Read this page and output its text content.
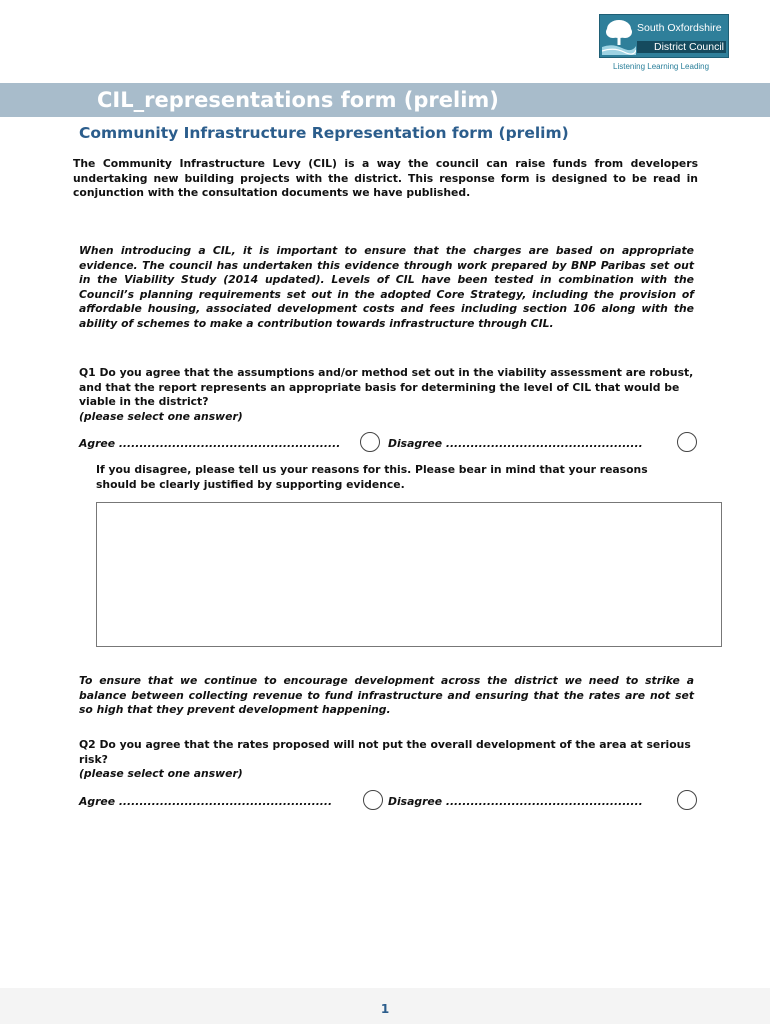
South Oxfordshire
District Council
Listening Learning Leading
CIL_representations form (prelim)
Community Infrastructure Representation form (prelim)
The Community Infrastructure Levy (CIL) is a way the council can raise funds from developers undertaking new building projects with the district. This response form is designed to be read in conjunction with the consultation documents we have published.
When introducing a CIL, it is important to ensure that the charges are based on appropriate evidence. The council has undertaken this evidence through work prepared by BNP Paribas set out in the Viability Study (2014 updated). Levels of CIL have been tested in combination with the Council’s planning requirements set out in the adopted Core Strategy, including the provision of affordable housing, associated development costs and fees including section 106 along with the ability of schemes to make a contribution towards infrastructure through CIL.
Q1 Do you agree that the assumptions and/or method set out in the viability assessment are robust, and that the report represents an appropriate basis for determining the level of CIL that would be viable in the district?
(please select one answer)
Agree ......................................................	Disagree ................................................
If you disagree, please tell us your reasons for this. Please bear in mind that your reasons
should be clearly justified by supporting evidence.
To ensure that we continue to encourage development across the district we need to strike a balance between collecting revenue to fund infrastructure and ensuring that the rates are not set so high that they prevent development happening.
Q2 Do you agree that the rates proposed will not put the overall development of the area at serious risk?
(please select one answer)
Agree ....................................................	Disagree ................................................
1
